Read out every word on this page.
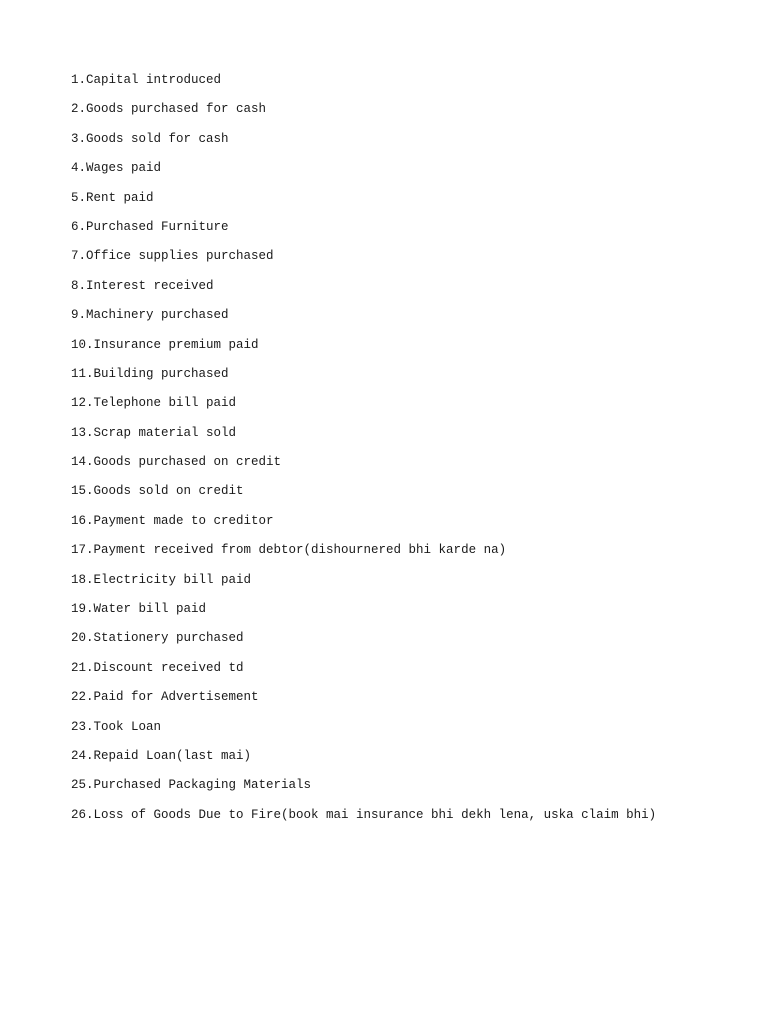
1.Capital introduced
2.Goods purchased for cash
3.Goods sold for cash
4.Wages paid
5.Rent paid
6.Purchased Furniture
7.Office supplies purchased
8.Interest received
9.Machinery purchased
10.Insurance premium paid
11.Building purchased
12.Telephone bill paid
13.Scrap material sold
14.Goods purchased on credit
15.Goods sold on credit
16.Payment made to creditor
17.Payment received from debtor(dishournered bhi karde na)
18.Electricity bill paid
19.Water bill paid
20.Stationery purchased
21.Discount received td
22.Paid for Advertisement
23.Took Loan
24.Repaid Loan(last mai)
25.Purchased Packaging Materials
26.Loss of Goods Due to Fire(book mai insurance bhi dekh lena, uska claim bhi)
